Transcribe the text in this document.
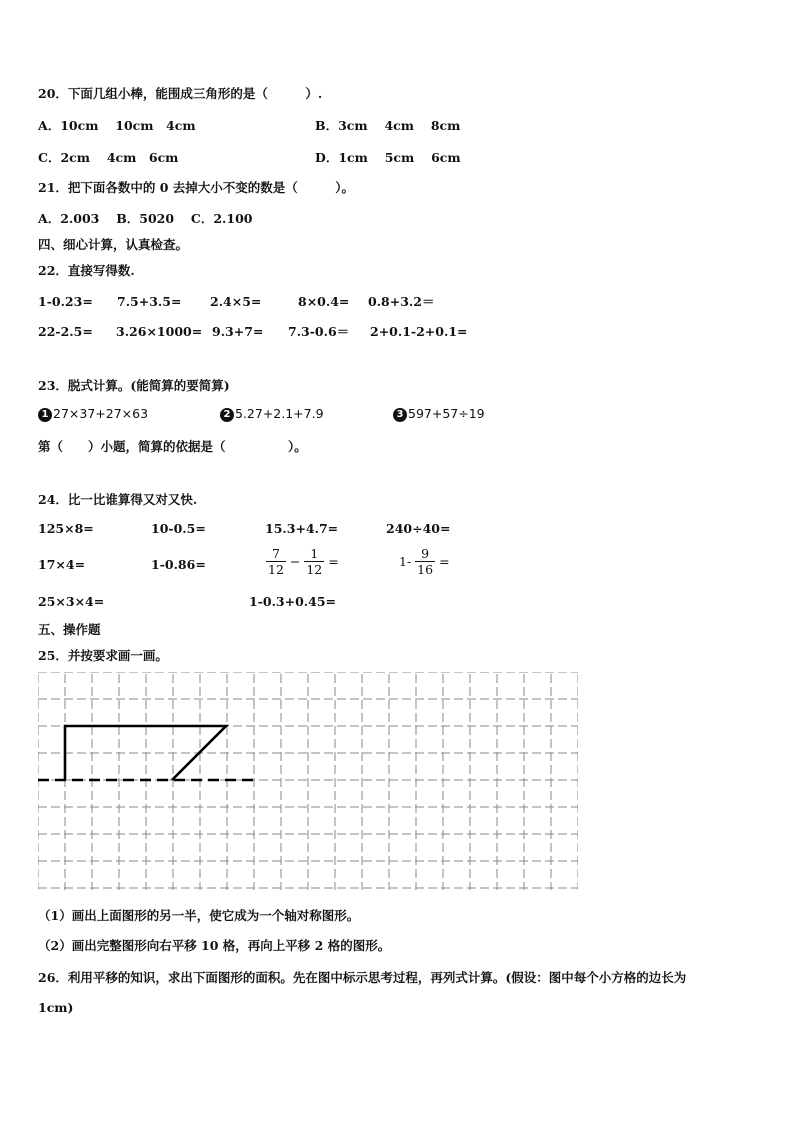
20．下面几组小棒，能围成三角形的是（　　　）.
A．10cm　 10cm　4cm	B．3cm　 4cm　 8cm
C．2cm　 4cm　6cm	D．1cm　 5cm　 6cm
21．把下面各数中的 0 去掉大小不变的数是（　　　）。
A．2.003　 B．5020　 C．2.100
四、细心计算，认真检查。
22．直接写得数.
1-0.23= 7.5+3.5= 2.4×5=	8×0.4= 0.8+3.2＝
22-2.5= 3.26×1000= 9.3+7= 7.3-0.6＝ 2+0.1-2+0.1=
23．脱式计算。(能简算的要简算)
1 27×37+27×63	2 5.27+2.1+7.9	3 597+57÷19
第（　　）小题，简算的依据是（　　　　　）。
24．比一比谁算得又对又快.
125×8=	10-0.5=	15.3+4.7=	240÷40=
17×4=	1-0.86=	$\frac{7}{12} - \frac{1}{12}$ =	$1- \frac{9}{16}$ =
25×3×4=	1-0.3+0.45=
五、操作题
25．并按要求画一画。
（1）画出上面图形的另一半，使它成为一个轴对称图形。
（2）画出完整图形向右平移 10 格，再向上平移 2 格的图形。
26．利用平移的知识，求出下面图形的面积。先在图中标示思考过程，再列式计算。(假设：图中每个小方格的边长为
1cm)
